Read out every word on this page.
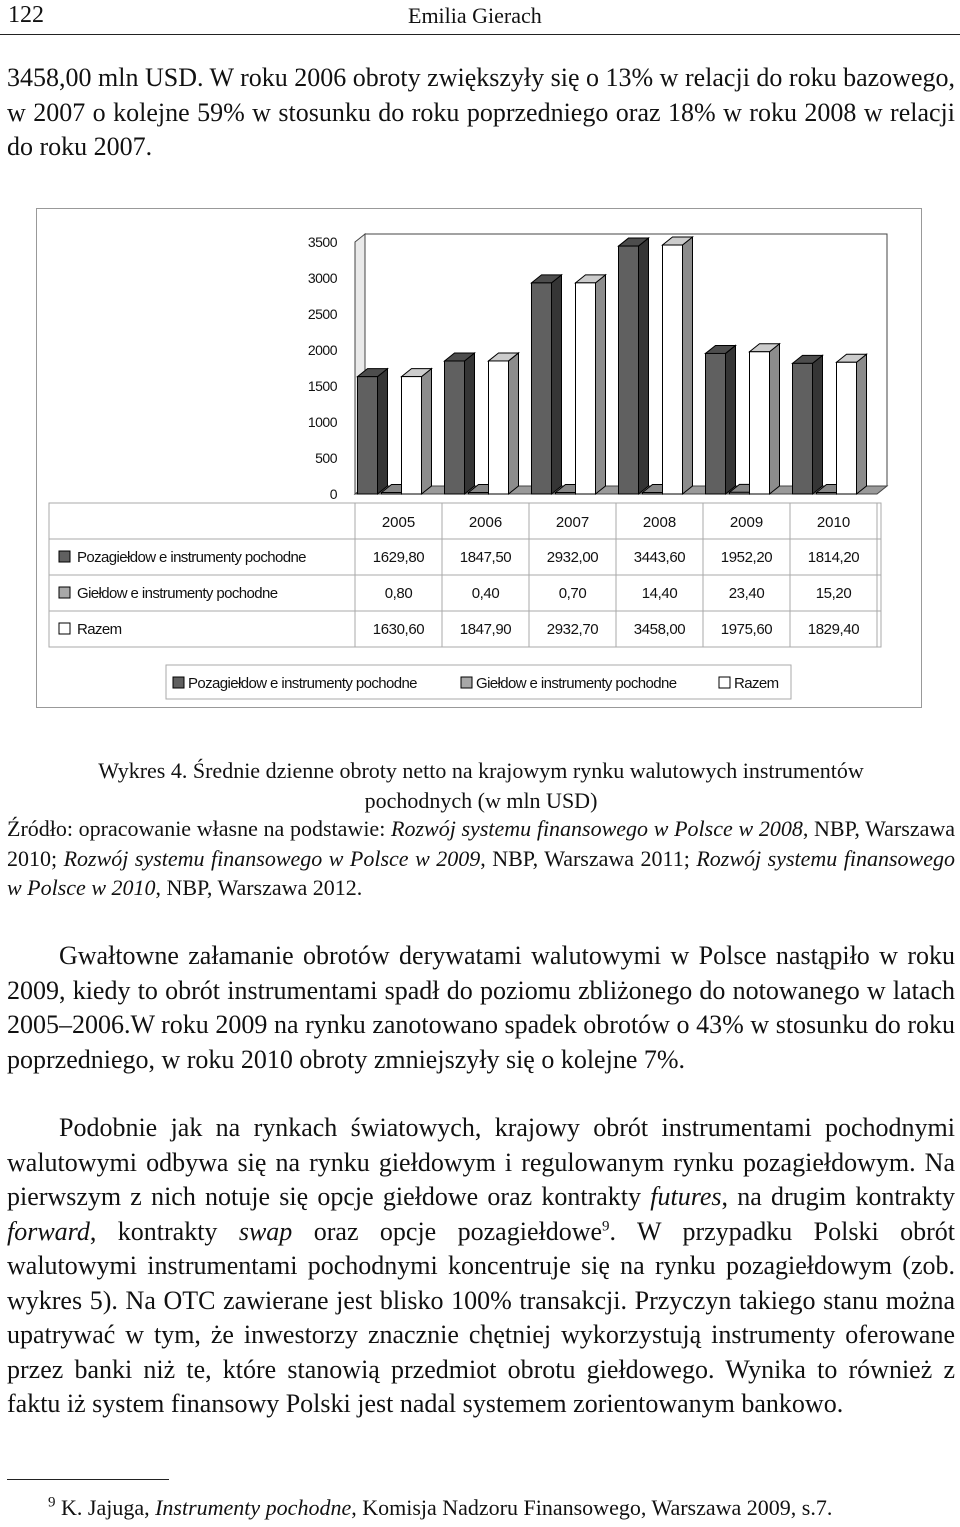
122	Emilia Gierach

3458,00 mln USD. W roku 2006 obroty zwiększyły się o 13% w relacji do roku bazowego, w 2007 o kolejne 59% w stosunku do roku poprzedniego oraz 18% w roku 2008 w relacji do roku 2007.

0
500
1000
1500
2000
2500
3000
3500
2005	2006	2007	2008	2009	2010
Pozagiełdow e instrumenty pochodne	1629,80 1847,50 2932,00 3443,60 1952,20 1814,20
Giełdow e instrumenty pochodne	0,80	0,40	0,70	14,40	23,40	15,20
Razem	1630,60 1847,90 2932,70 3458,00 1975,60 1829,40
Pozagiełdow e instrumenty pochodne	Giełdow e instrumenty pochodne	Razem

Wykres 4. Średnie dzienne obroty netto na krajowym rynku walutowych instrumentów
pochodnych (w mln USD)

Źródło: opracowanie własne na podstawie: Rozwój systemu finansowego w Polsce w 2008, NBP, Warszawa 2010; Rozwój systemu finansowego w Polsce w 2009, NBP, Warszawa 2011; Rozwój systemu finansowego w Polsce w 2010, NBP, Warszawa 2012.

Gwałtowne załamanie obrotów derywatami walutowymi w Polsce nastąpiło w roku 2009, kiedy to obrót instrumentami spadł do poziomu zbliżonego do notowanego w latach 2005–2006.W roku 2009 na rynku zanotowano spadek obrotów o 43% w stosunku do roku poprzedniego, w roku 2010 obroty zmniejszyły się o kolejne 7%.

Podobnie jak na rynkach światowych, krajowy obrót instrumentami pochodnymi walutowymi odbywa się na rynku giełdowym i regulowanym rynku pozagiełdowym. Na pierwszym z nich notuje się opcje giełdowe oraz kontrakty futures, na drugim kontrakty forward, kontrakty swap oraz opcje pozagiełdowe$^9$. W przypadku Polski obrót walutowymi instrumentami pochodnymi koncentruje się na rynku pozagiełdowym (zob. wykres 5). Na OTC zawierane jest blisko 100% transakcji. Przyczyn takiego stanu można upatrywać w tym, że inwestorzy znacznie chętniej wykorzystują instrumenty oferowane przez banki niż te, które stanowią przedmiot obrotu giełdowego. Wynika to również z faktu iż system finansowy Polski jest nadal systemem zorientowanym bankowo.

$^9$ K. Jajuga, Instrumenty pochodne, Komisja Nadzoru Finansowego, Warszawa 2009, s.7.
